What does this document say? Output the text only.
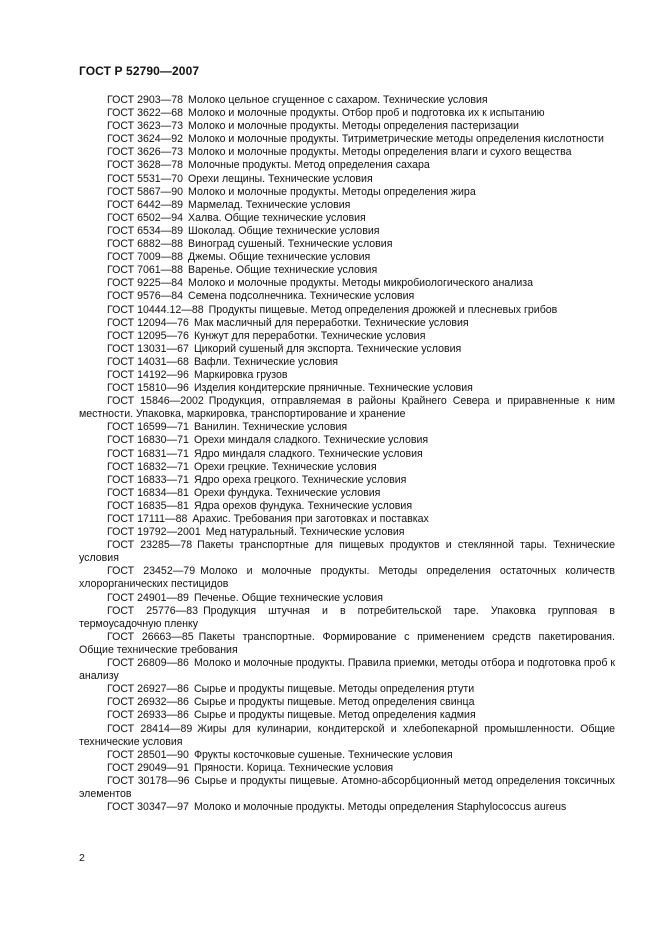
ГОСТ Р 52790—2007

ГОСТ 2903—78 Молоко цельное сгущенное с сахаром. Технические условия

ГОСТ 3622—68 Молоко и молочные продукты. Отбор проб и подготовка их к испытанию

ГОСТ 3623—73 Молоко и молочные продукты. Методы определения пастеризации

ГОСТ 3624—92 Молоко и молочные продукты. Титриметрические методы определения кислотности

ГОСТ 3626—73 Молоко и молочные продукты. Методы определения влаги и сухого вещества

ГОСТ 3628—78 Молочные продукты. Метод определения сахара

ГОСТ 5531—70 Орехи лещины. Технические условия

ГОСТ 5867—90 Молоко и молочные продукты. Методы определения жира

ГОСТ 6442—89 Мармелад. Технические условия

ГОСТ 6502—94 Халва. Общие технические условия

ГОСТ 6534—89 Шоколад. Общие технические условия

ГОСТ 6882—88 Виноград сушеный. Технические условия

ГОСТ 7009—88 Джемы. Общие технические условия

ГОСТ 7061—88 Варенье. Общие технические условия

ГОСТ 9225—84 Молоко и молочные продукты. Методы микробиологического анализа

ГОСТ 9576—84 Семена подсолнечника. Технические условия

ГОСТ 10444.12—88 Продукты пищевые. Метод определения дрожжей и плесневых грибов

ГОСТ 12094—76 Мак масличный для переработки. Технические условия

ГОСТ 12095—76 Кунжут для переработки. Технические условия

ГОСТ 13031—67 Цикорий сушеный для экспорта. Технические условия

ГОСТ 14031—68 Вафли. Технические условия

ГОСТ 14192—96 Маркировка грузов

ГОСТ 15810—96 Изделия кондитерские пряничные. Технические условия

ГОСТ 15846—2002 Продукция, отправляемая в районы Крайнего Севера и приравненные к ним местности. Упаковка, маркировка, транспортирование и хранение

ГОСТ 16599—71 Ванилин. Технические условия

ГОСТ 16830—71 Орехи миндаля сладкого. Технические условия

ГОСТ 16831—71 Ядро миндаля сладкого. Технические условия

ГОСТ 16832—71 Орехи грецкие. Технические условия

ГОСТ 16833—71 Ядро ореха грецкого. Технические условия

ГОСТ 16834—81 Орехи фундука. Технические условия

ГОСТ 16835—81 Ядра орехов фундука. Технические условия

ГОСТ 17111—88 Арахис. Требования при заготовках и поставках

ГОСТ 19792—2001 Мед натуральный. Технические условия

ГОСТ 23285—78 Пакеты транспортные для пищевых продуктов и стеклянной тары. Технические условия

ГОСТ 23452—79 Молоко и молочные продукты. Методы определения остаточных количеств хлорорганических пестицидов

ГОСТ 24901—89 Печенье. Общие технические условия

ГОСТ 25776—83 Продукция штучная и в потребительской таре. Упаковка групповая в термоусадочную пленку

ГОСТ 26663—85 Пакеты транспортные. Формирование с применением средств пакетирования. Общие технические требования

ГОСТ 26809—86 Молоко и молочные продукты. Правила приемки, методы отбора и подготовка проб к анализу

ГОСТ 26927—86 Сырье и продукты пищевые. Методы определения ртути

ГОСТ 26932—86 Сырье и продукты пищевые. Метод определения свинца

ГОСТ 26933—86 Сырье и продукты пищевые. Метод определения кадмия

ГОСТ 28414—89 Жиры для кулинарии, кондитерской и хлебопекарной промышленности. Общие технические условия

ГОСТ 28501—90 Фрукты косточковые сушеные. Технические условия

ГОСТ 29049—91 Пряности. Корица. Технические условия

ГОСТ 30178—96 Сырье и продукты пищевые. Атомно-абсорбционный метод определения токсичных элементов

ГОСТ 30347—97 Молоко и молочные продукты. Методы определения Staphylococcus aureus

2
